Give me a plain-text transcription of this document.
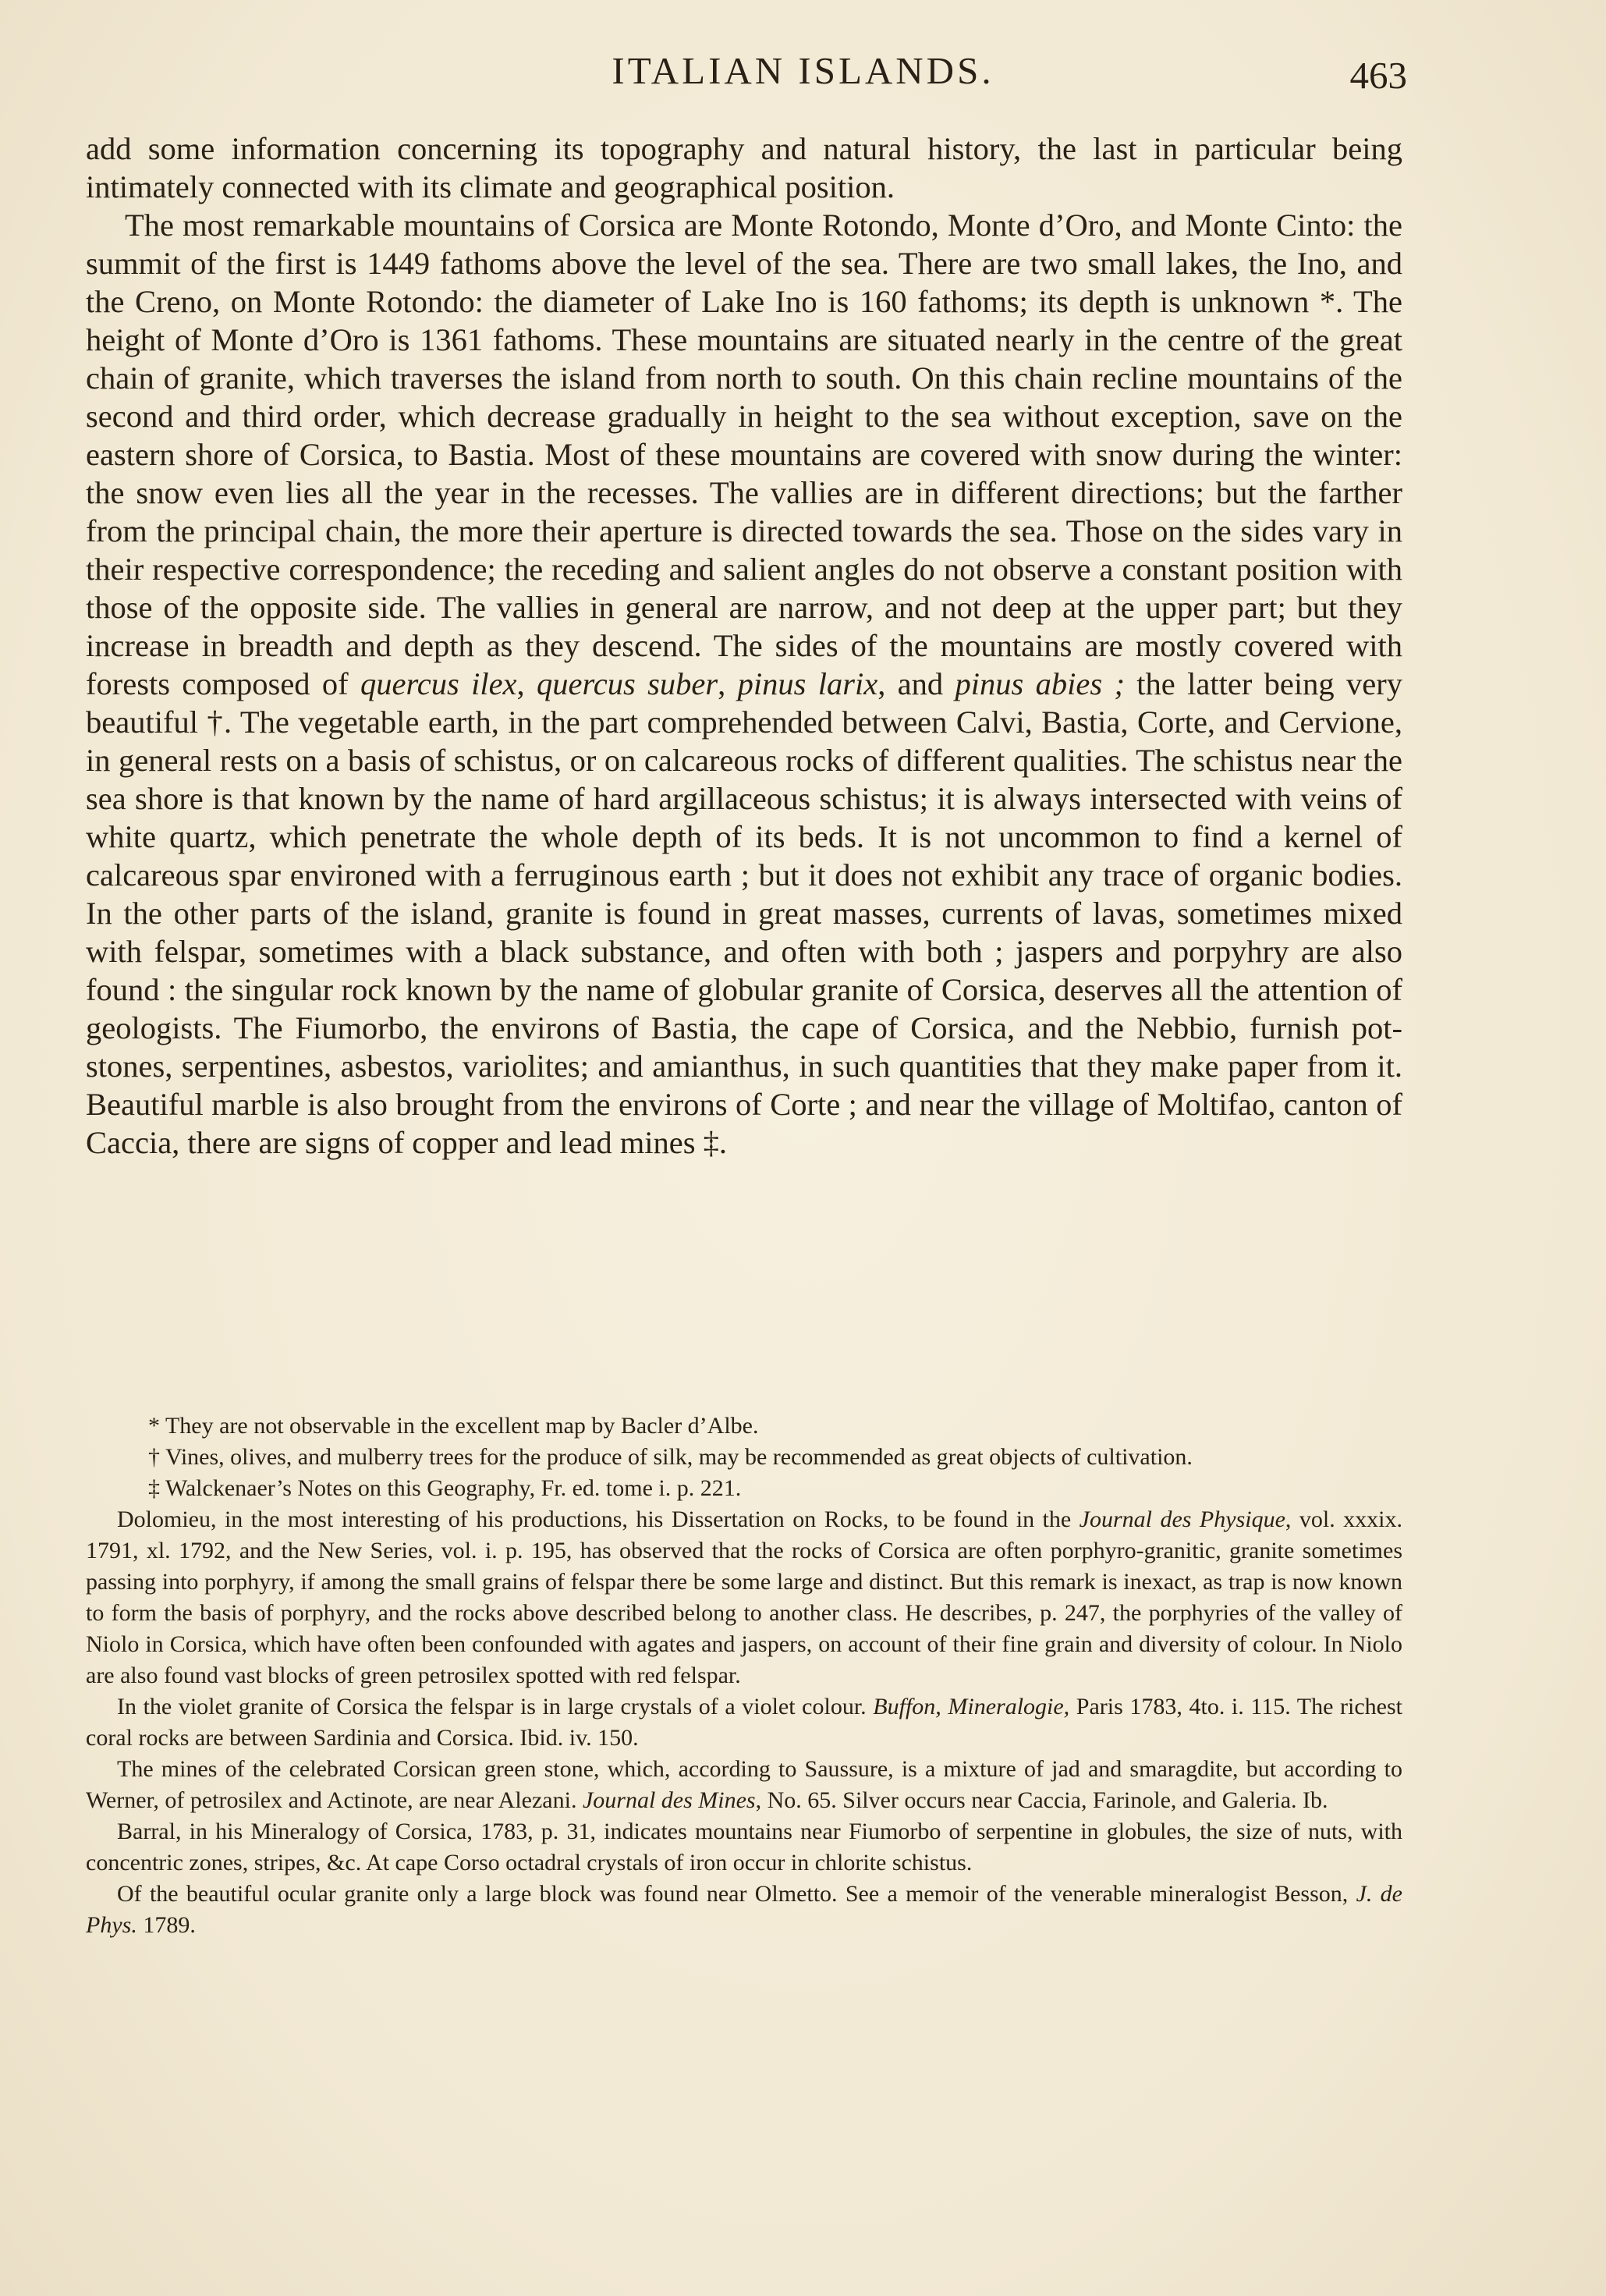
ITALIAN ISLANDS.	463

add some information concerning its topography and natural history, the last in particular being intimately connected with its climate and geographical position.

The most remarkable mountains of Corsica are Monte Rotondo, Monte d’Oro, and Monte Cinto: the summit of the first is 1449 fathoms above the level of the sea. There are two small lakes, the Ino, and the Creno, on Monte Rotondo: the diameter of Lake Ino is 160 fathoms; its depth is unknown *. The height of Monte d’Oro is 1361 fathoms. These mountains are situated nearly in the centre of the great chain of granite, which traverses the island from north to south. On this chain recline mountains of the second and third order, which decrease gradually in height to the sea without exception, save on the eastern shore of Corsica, to Bastia. Most of these mountains are covered with snow during the winter: the snow even lies all the year in the recesses. The vallies are in different directions; but the farther from the principal chain, the more their aperture is directed towards the sea. Those on the sides vary in their respective correspondence; the receding and salient angles do not observe a constant position with those of the opposite side. The vallies in general are narrow, and not deep at the upper part; but they increase in breadth and depth as they descend. The sides of the mountains are mostly covered with forests composed of quercus ilex, quercus suber, pinus larix, and pinus abies ; the latter being very beautiful †. The vegetable earth, in the part comprehended between Calvi, Bastia, Corte, and Cervione, in general rests on a basis of schistus, or on calcareous rocks of different qualities. The schistus near the sea shore is that known by the name of hard argillaceous schistus; it is always intersected with veins of white quartz, which penetrate the whole depth of its beds. It is not uncommon to find a kernel of calcareous spar environed with a ferruginous earth ; but it does not exhibit any trace of organic bodies. In the other parts of the island, granite is found in great masses, currents of lavas, sometimes mixed with felspar, sometimes with a black substance, and often with both ; jaspers and porpyhry are also found : the singular rock known by the name of globular granite of Corsica, deserves all the attention of geologists. The Fiumorbo, the environs of Bastia, the cape of Corsica, and the Nebbio, furnish pot-stones, serpentines, asbestos, variolites; and amianthus, in such quantities that they make paper from it. Beautiful marble is also brought from the environs of Corte ; and near the village of Moltifao, canton of Caccia, there are signs of copper and lead mines ‡.

* They are not observable in the excellent map by Bacler d’Albe.

† Vines, olives, and mulberry trees for the produce of silk, may be recommended as great objects of cultivation.

‡ Walckenaer’s Notes on this Geography, Fr. ed. tome i. p. 221.

Dolomieu, in the most interesting of his productions, his Dissertation on Rocks, to be found in the Journal des Physique, vol. xxxix. 1791, xl. 1792, and the New Series, vol. i. p. 195, has observed that the rocks of Corsica are often porphyro-granitic, granite sometimes passing into porphyry, if among the small grains of felspar there be some large and distinct. But this remark is inexact, as trap is now known to form the basis of porphyry, and the rocks above described belong to another class. He describes, p. 247, the porphyries of the valley of Niolo in Corsica, which have often been confounded with agates and jaspers, on account of their fine grain and diversity of colour. In Niolo are also found vast blocks of green petrosilex spotted with red felspar.

In the violet granite of Corsica the felspar is in large crystals of a violet colour. Buffon, Mineralogie, Paris 1783, 4to. i. 115. The richest coral rocks are between Sardinia and Corsica. Ibid. iv. 150.

The mines of the celebrated Corsican green stone, which, according to Saussure, is a mixture of jad and smaragdite, but according to Werner, of petrosilex and Actinote, are near Alezani. Journal des Mines, No. 65. Silver occurs near Caccia, Farinole, and Galeria. Ib.

Barral, in his Mineralogy of Corsica, 1783, p. 31, indicates mountains near Fiumorbo of serpentine in globules, the size of nuts, with concentric zones, stripes, &c. At cape Corso octadral crystals of iron occur in chlorite schistus.

Of the beautiful ocular granite only a large block was found near Olmetto. See a memoir of the venerable mineralogist Besson, J. de Phys. 1789.
